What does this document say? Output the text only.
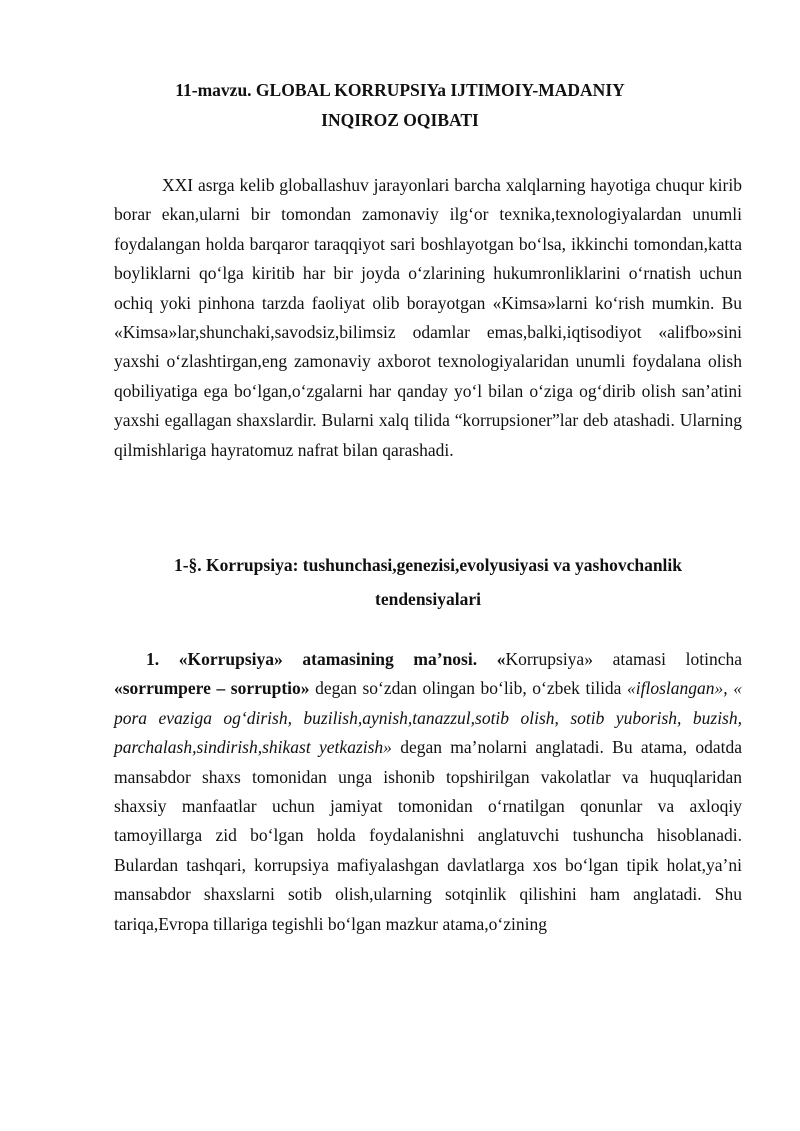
11-mavzu. GLOBAL KORRUPSIYa IJTIMOIY-MADANIY

INQIROZ OQIBATI

XXI asrga kelib globallashuv jarayonlari barcha xalqlarning hayotiga chuqur kirib borar ekan,ularni bir tomondan zamonaviy ilg‘or texnika,texnologiyalardan unumli foydalangan holda barqaror taraqqiyot sari boshlayotgan bo‘lsa, ikkinchi tomondan,katta boyliklarni qo‘lga kiritib har bir joyda o‘zlarining hukumronliklarini o‘rnatish uchun ochiq yoki pinhona tarzda faoliyat olib borayotgan «Kimsa»larni ko‘rish mumkin. Bu «Kimsa»lar,shunchaki,savodsiz,bilimsiz odamlar emas,balki,iqtisodiyot «alifbo»sini yaxshi o‘zlashtirgan,eng zamonaviy axborot texnologiyalaridan unumli foydalana olish qobiliyatiga ega bo‘lgan,o‘zgalarni har qanday yo‘l bilan o‘ziga og‘dirib olish san’atini yaxshi egallagan shaxslardir. Bularni xalq tilida “korrupsioner”lar deb atashadi. Ularning qilmishlariga hayratomuz nafrat bilan qarashadi.

1-§. Korrupsiya: tushunchasi,genezisi,evolyusiyasi va yashovchanlik

tendensiyalari

1. «Korrupsiya» atamasining ma’nosi. «Korrupsiya» atamasi lotincha «sorrumpere – sorruptio» degan so‘zdan olingan bo‘lib, o‘zbek tilida «ifloslangan», « pora evaziga og‘dirish, buzilish,aynish,tanazzul,sotib olish, sotib yuborish, buzish, parchalash,sindirish,shikast yetkazish» degan ma’nolarni anglatadi. Bu atama, odatda mansabdor shaxs tomonidan unga ishonib topshirilgan vakolatlar va huquqlaridan shaxsiy manfaatlar uchun jamiyat tomonidan o‘rnatilgan qonunlar va axloqiy tamoyillarga zid bo‘lgan holda foydalanishni anglatuvchi tushuncha hisoblanadi. Bulardan tashqari, korrupsiya mafiyalashgan davlatlarga xos bo‘lgan tipik holat,ya’ni mansabdor shaxslarni sotib olish,ularning sotqinlik qilishini ham anglatadi. Shu tariqa,Evropa tillariga tegishli bo‘lgan mazkur atama,o‘zining
